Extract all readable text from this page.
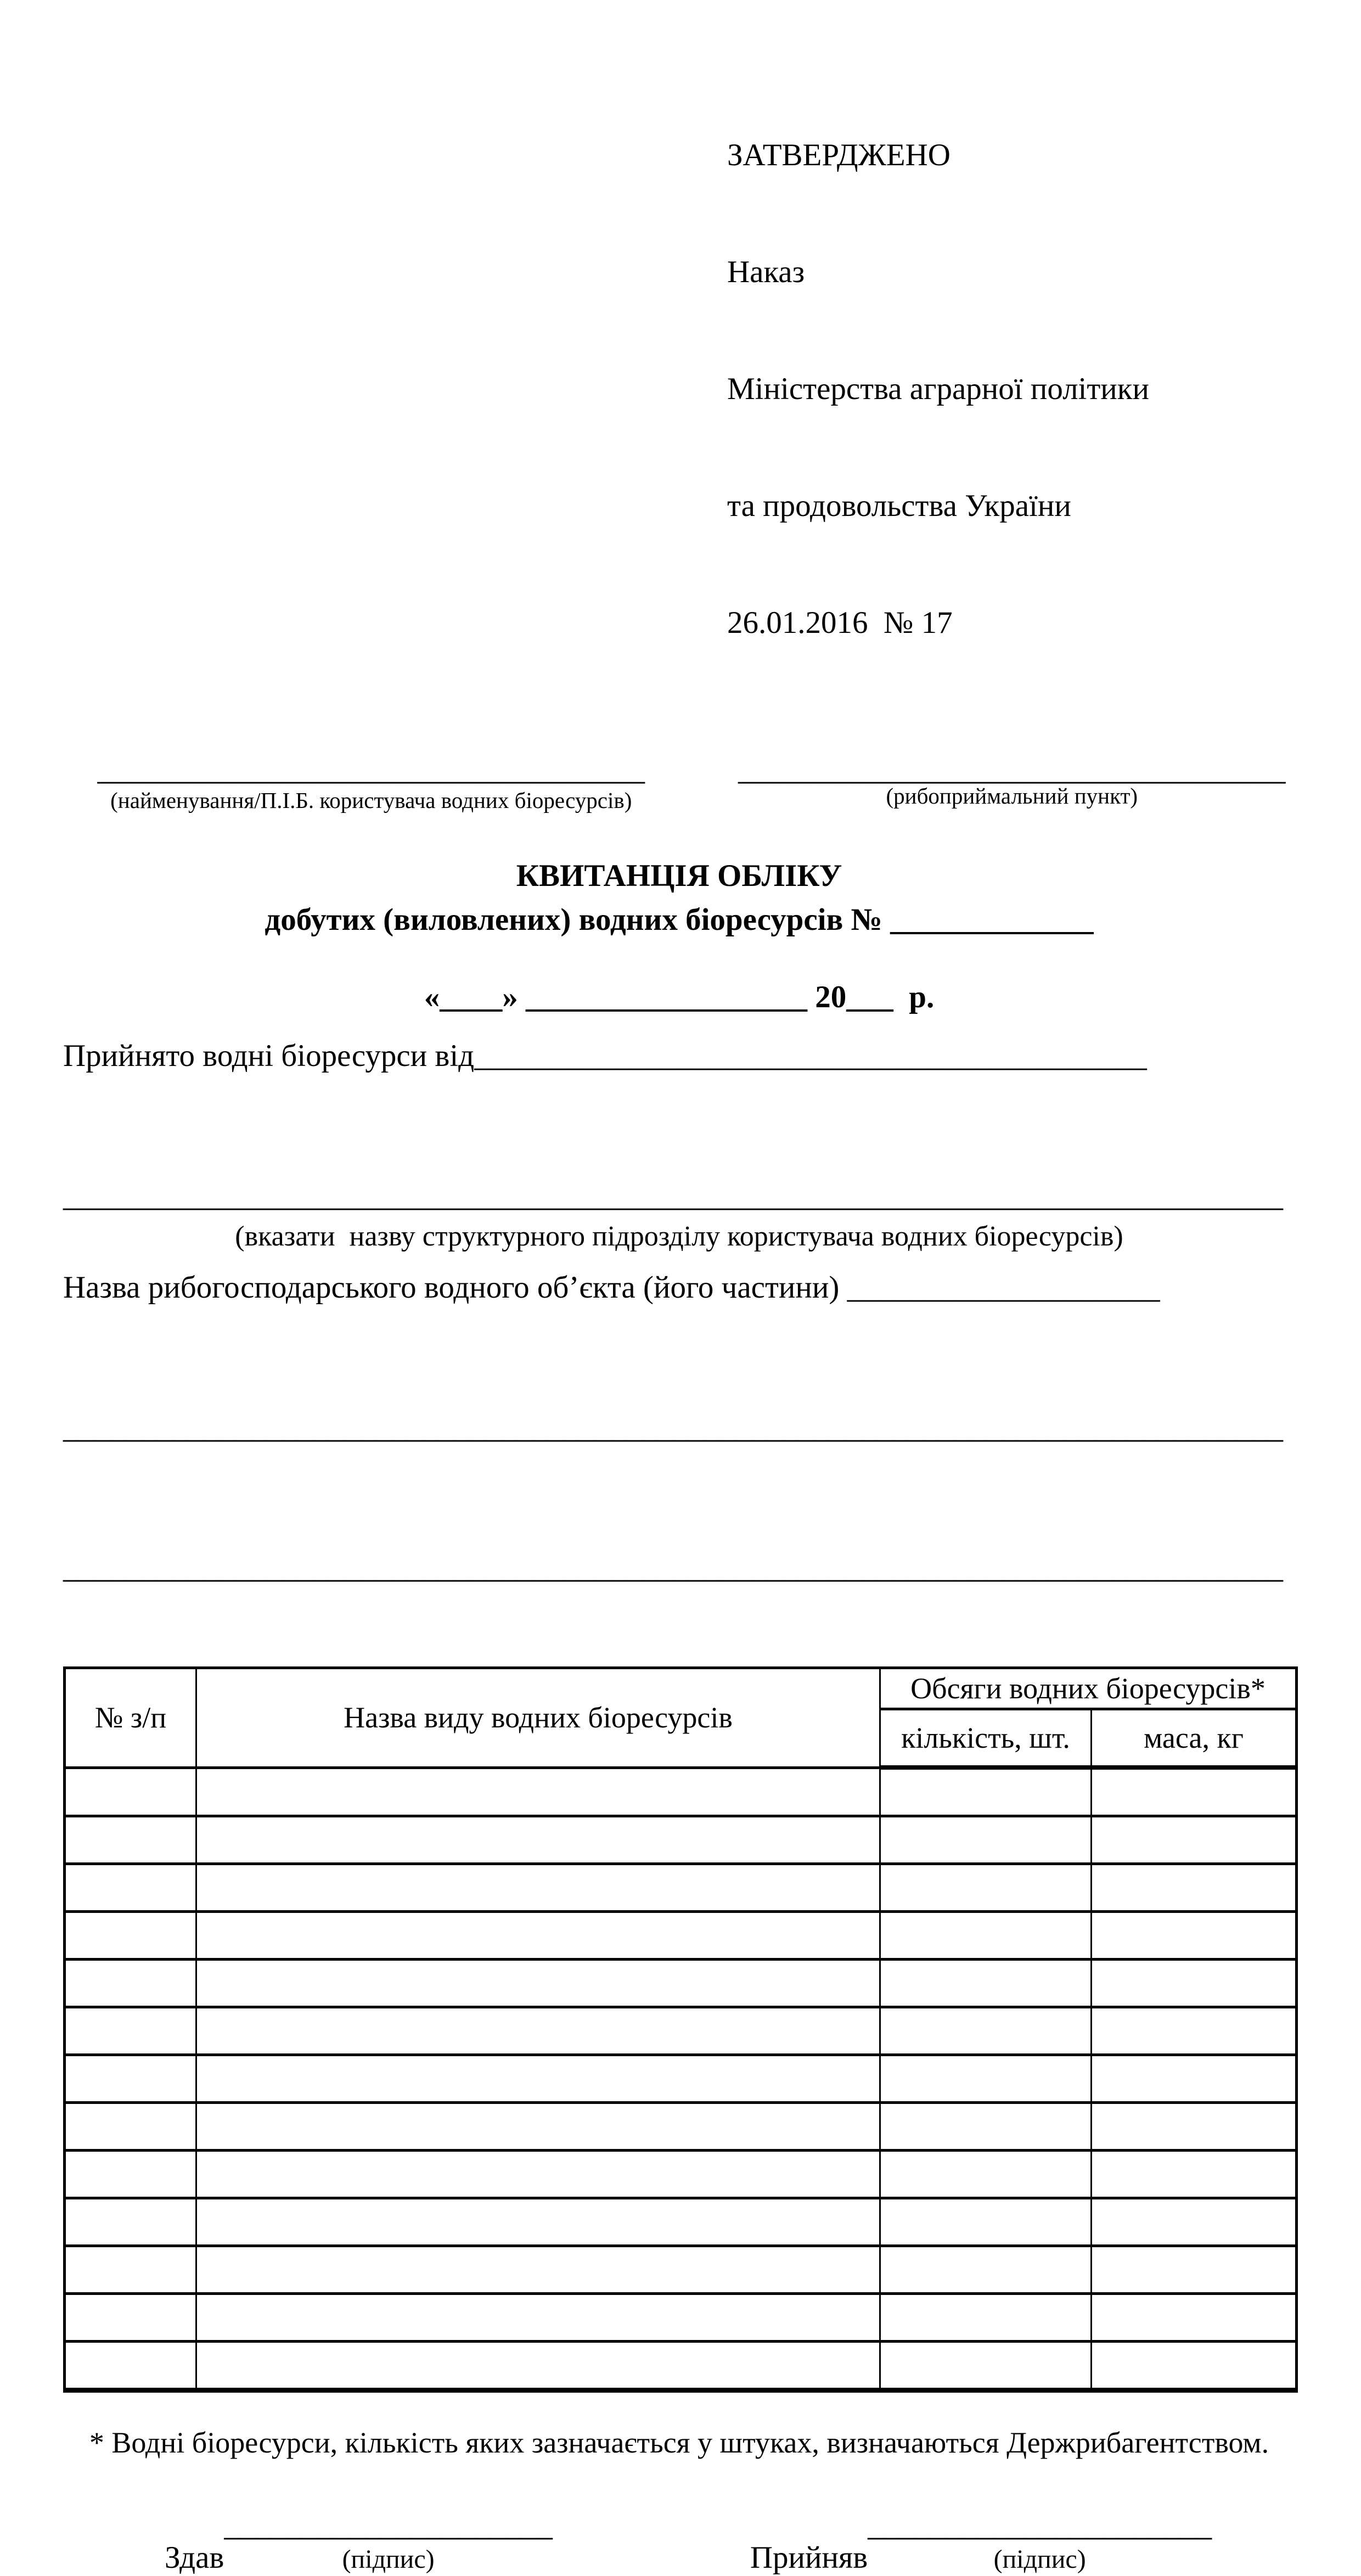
ЗАТВЕРДЖЕНО

Наказ

Міністерства аграрної політики

та продовольства України

26.01.2016  № 17

___________________________________
(найменування/П.І.Б. користувача водних біоресурсів)
___________________________________
(рибоприймальний пункт)
КВИТАНЦІЯ ОБЛІКУ
добутих (виловлених) водних біоресурсів № _____________
«____» __________________ 20___  р.
Прийнято водні біоресурси від___________________________________________

______________________________________________________________________________
(вказати  назву структурного підрозділу користувача водних біоресурсів)
Назва рибогосподарського водного об’єкта (його частини) ____________________

______________________________________________________________________________

______________________________________________________________________________
№ з/п	Назва виду водних біоресурсів	Обсяги водних біоресурсів*	
		кількість, шт.	маса, кг

* Водні біоресурси, кількість яких зазначається у штуках, визначаються Держрибагентством.
Здав_____________________
(підпис)	Прийняв______________________
(підпис)
